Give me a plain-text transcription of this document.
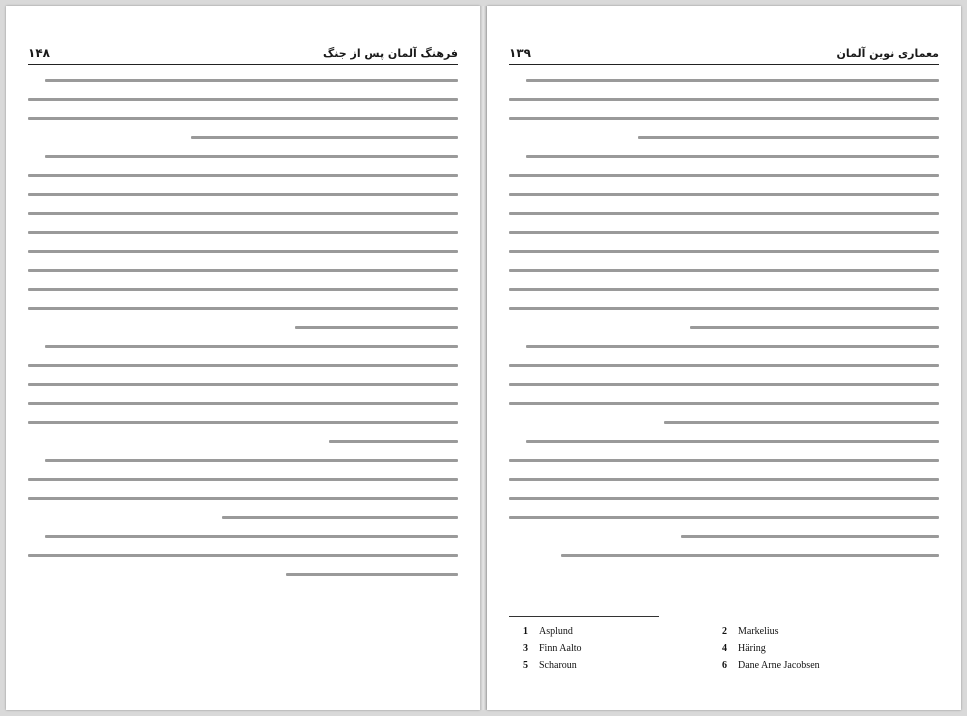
فرهنگ آلمان پس از جنگ
۱۴۸	معماری نوین آلمان
۱۳۹
1 Asplund	2 Markelius
3 Finn Aalto	4 Häring
5 Scharoun	6 Dane Arne Jacobsen
